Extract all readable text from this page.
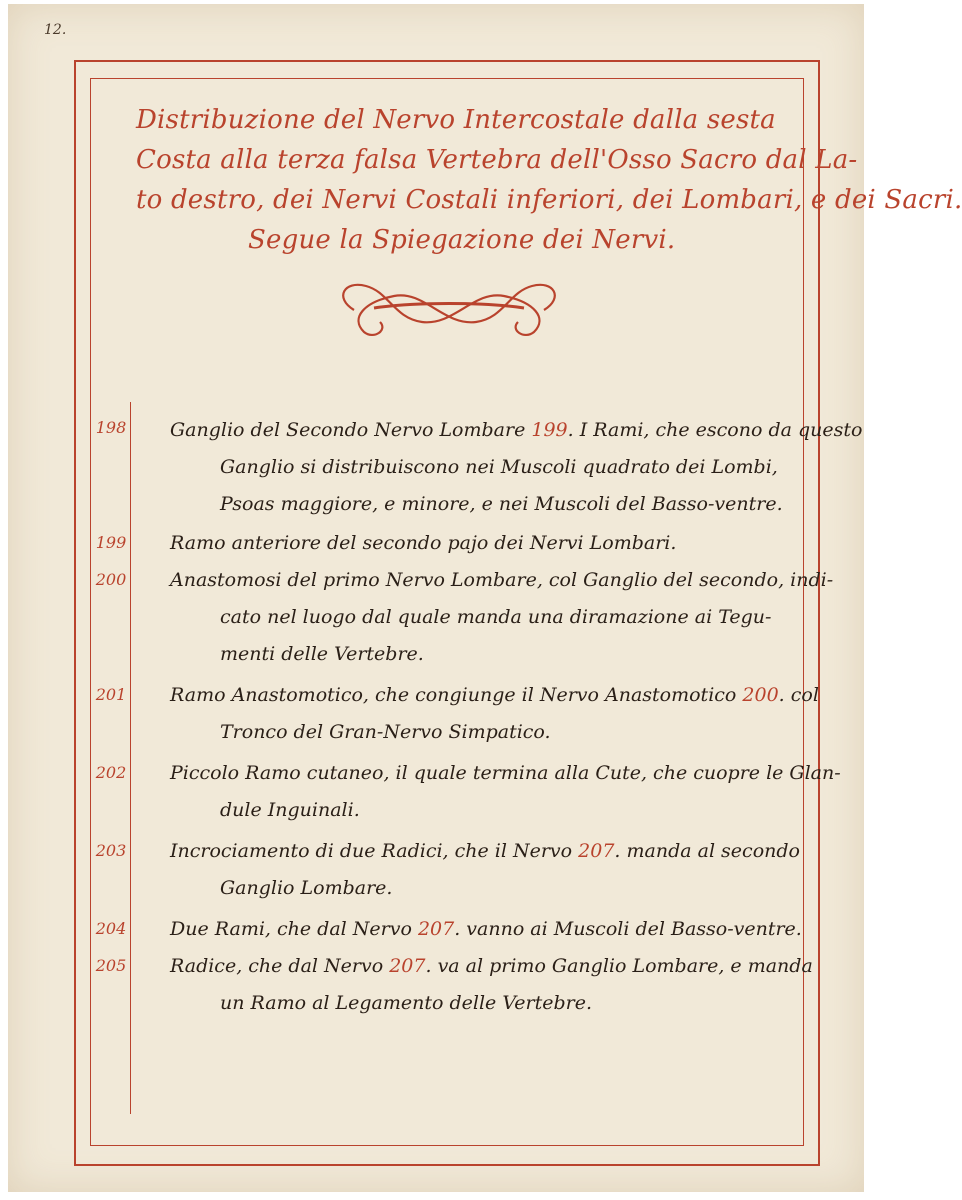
12.
Distribuzione del Nervo Intercostale dalla sesta
Costa alla terza falsa Vertebra dell'Osso Sacro dal La-
to destro, dei Nervi Costali inferiori, dei Lombari, e dei Sacri.
Segue la Spiegazione dei Nervi.
198 Ganglio del Secondo Nervo Lombare 199. I Rami, che escono da questo
Ganglio si distribuiscono nei Muscoli quadrato dei Lombi,
Psoas maggiore, e minore, e nei Muscoli del Basso-ventre.
199 Ramo anteriore del secondo pajo dei Nervi Lombari.
200 Anastomosi del primo Nervo Lombare, col Ganglio del secondo, indi-
cato nel luogo dal quale manda una diramazione ai Tegu-
menti delle Vertebre.
201 Ramo Anastomotico, che congiunge il Nervo Anastomotico 200. col
Tronco del Gran-Nervo Simpatico.
202 Piccolo Ramo cutaneo, il quale termina alla Cute, che cuopre le Glan-
dule Inguinali.
203 Incrociamento di due Radici, che il Nervo 207. manda al secondo
Ganglio Lombare.
204 Due Rami, che dal Nervo 207. vanno ai Muscoli del Basso-ventre.
205 Radice, che dal Nervo 207. va al primo Ganglio Lombare, e manda
un Ramo al Legamento delle Vertebre.
